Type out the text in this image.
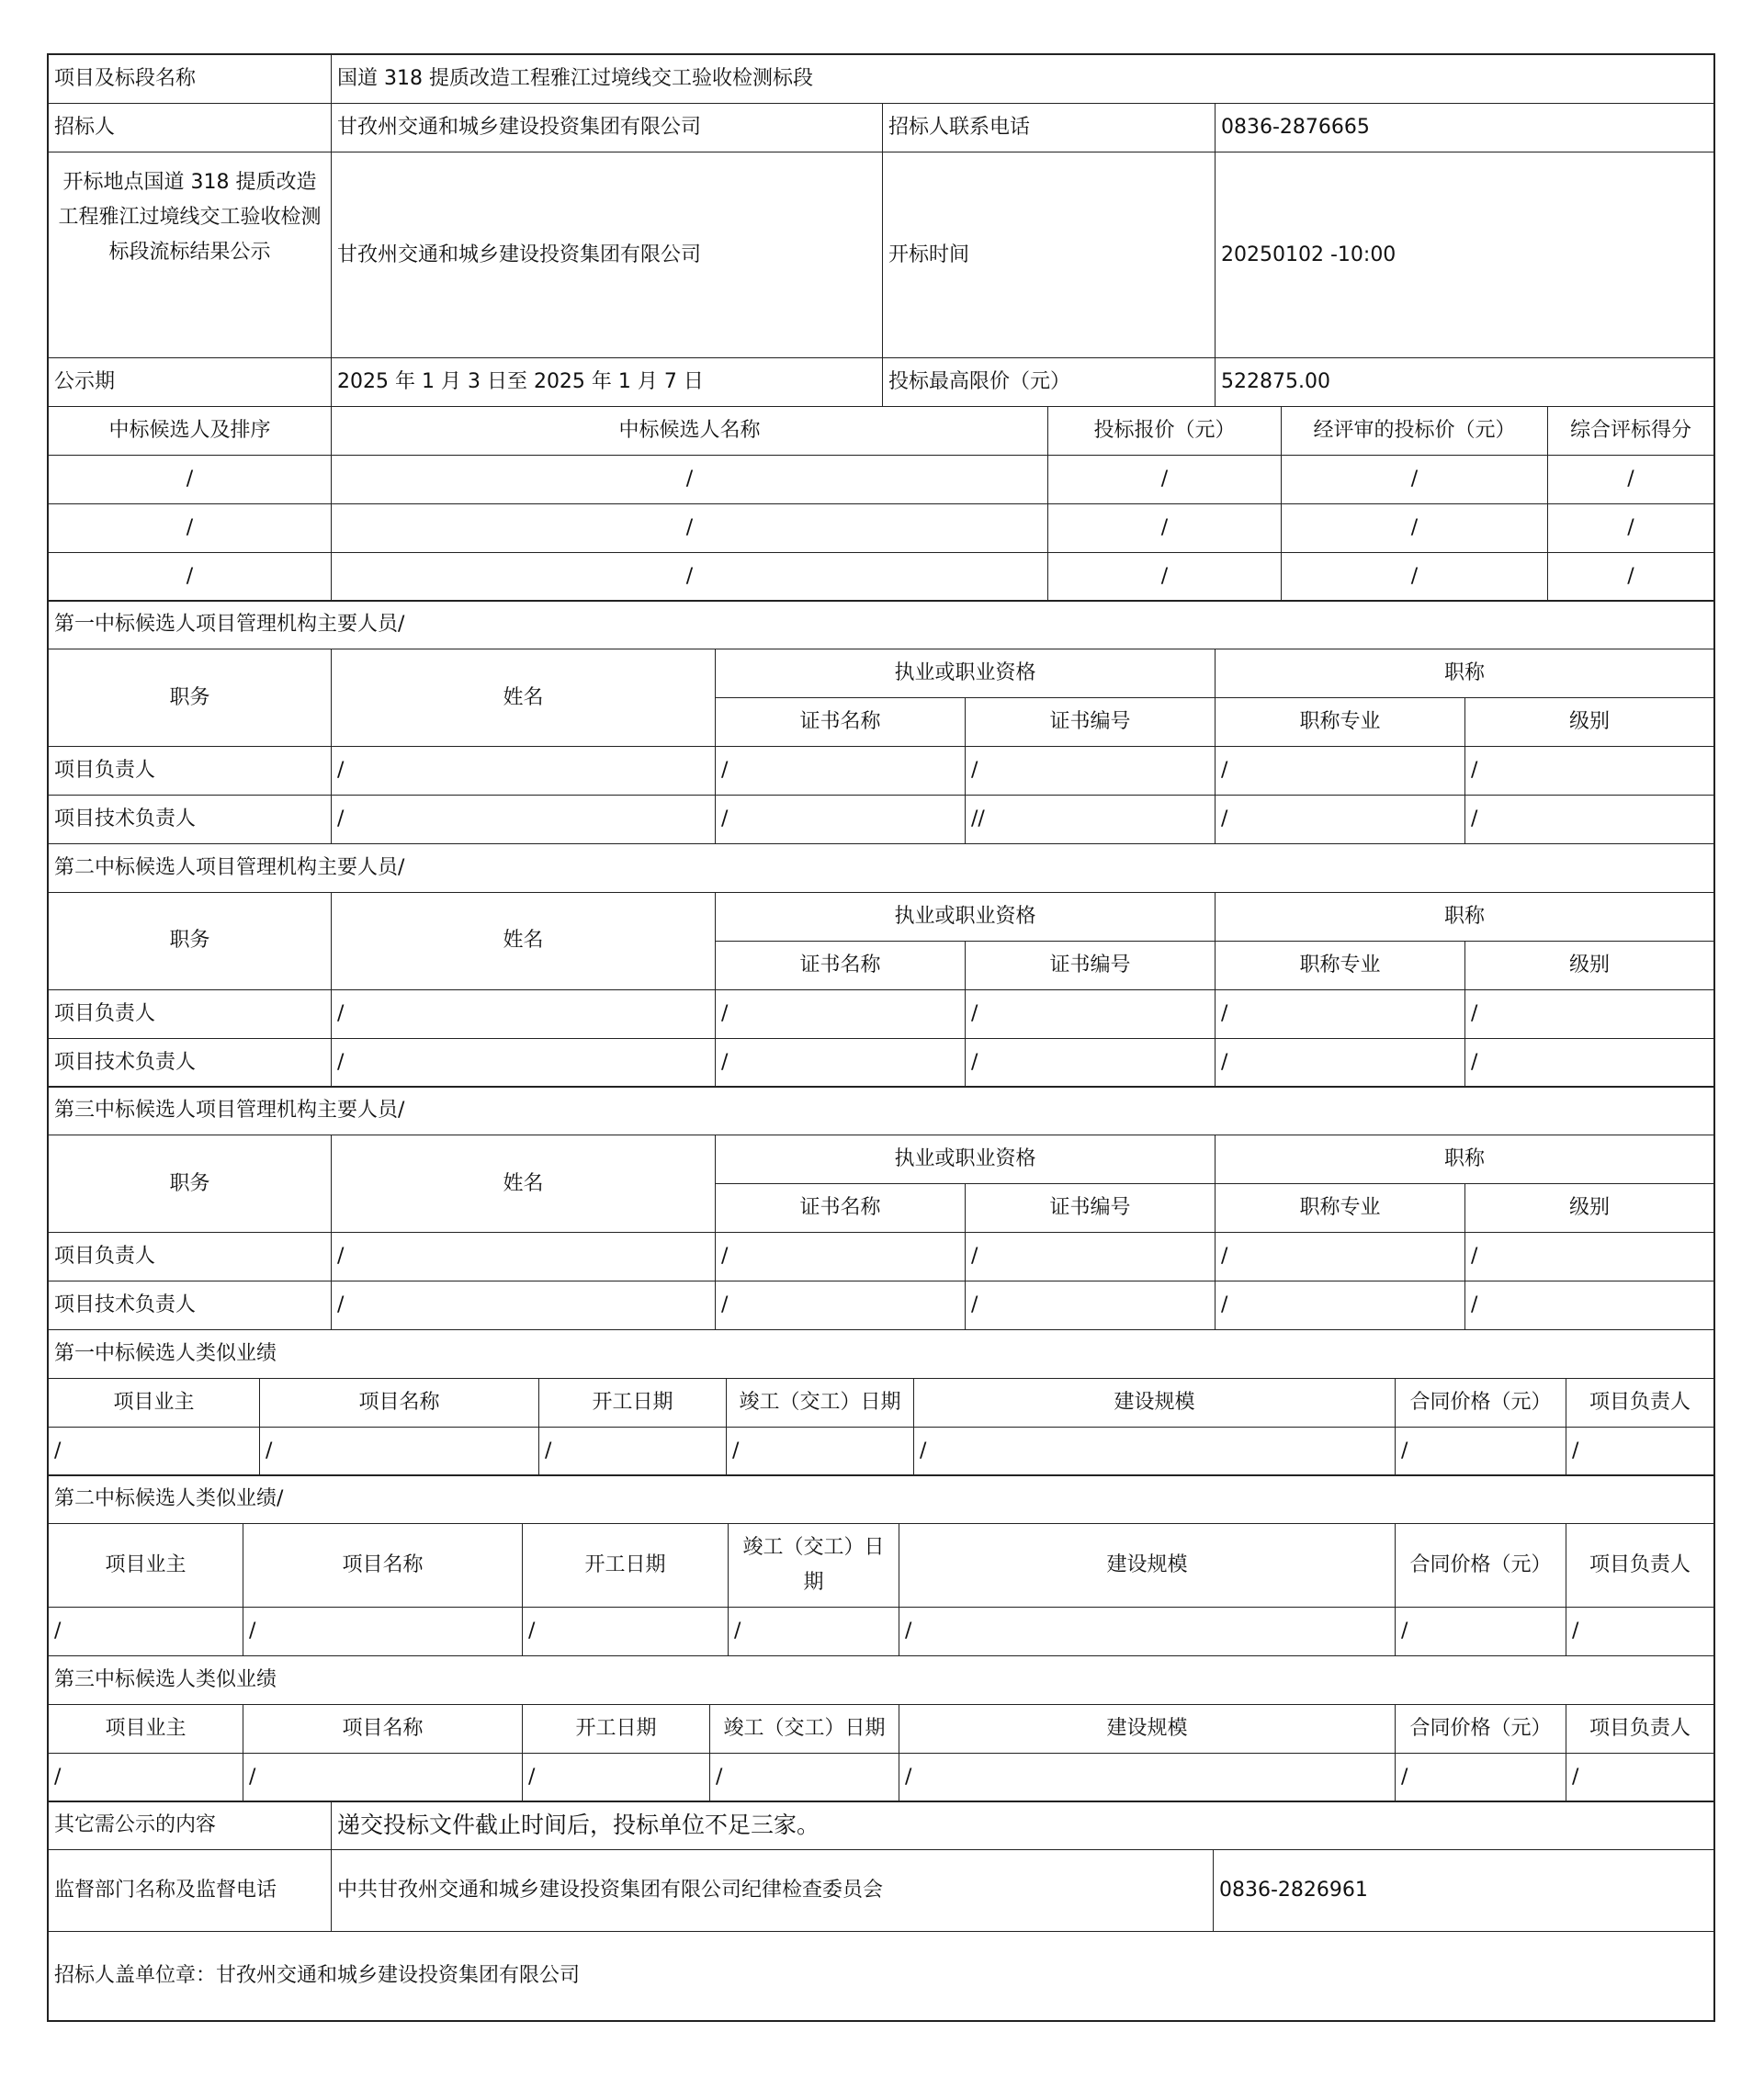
项目及标段名称	国道 318 提质改造工程雅江过境线交工验收检测标段		
招标人	甘孜州交通和城乡建设投资集团有限公司	招标人联系电话	0836-2876665
开标地点国道 318 提质改造工程雅江过境线交工验收检测标段流标结果公示	甘孜州交通和城乡建设投资集团有限公司	开标时间	20250102 -10:00
公示期	2025 年 1 月 3 日至 2025 年 1 月 7 日	投标最高限价（元）	522875.00
中标候选人及排序	中标候选人名称	投标报价（元）	经评审的投标价（元）	综合评标得分
/	/	/	/	/
/	/	/	/	/
/	/	/	/	/
第一中标候选人项目管理机构主要人员/					
职务	姓名	执业或职业资格		职称	
		证书名称	证书编号	职称专业	级别
项目负责人	/	/	/	/	/
项目技术负责人	/	/	//	/	/
第二中标候选人项目管理机构主要人员/					
职务	姓名	执业或职业资格		职称	
		证书名称	证书编号	职称专业	级别
项目负责人	/	/	/	/	/
项目技术负责人	/	/	/	/	/
第三中标候选人项目管理机构主要人员/					
职务	姓名	执业或职业资格		职称	
		证书名称	证书编号	职称专业	级别
项目负责人	/	/	/	/	/
项目技术负责人	/	/	/	/	/
第一中标候选人类似业绩						
项目业主	项目名称	开工日期	竣工（交工）日期	建设规模	合同价格（元）	项目负责人
/	/	/	/	/	/	/
第二中标候选人类似业绩/						
项目业主	项目名称	开工日期	竣工（交工）日期	建设规模	合同价格（元）	项目负责人
/	/	/	/	/	/	/
第三中标候选人类似业绩						
项目业主	项目名称	开工日期	竣工（交工）日期	建设规模	合同价格（元）	项目负责人
/	/	/	/	/	/	/
其它需公示的内容	递交投标文件截止时间后，投标单位不足三家。	
监督部门名称及监督电话	中共甘孜州交通和城乡建设投资集团有限公司纪律检查委员会	0836-2826961
招标人盖单位章：甘孜州交通和城乡建设投资集团有限公司		
